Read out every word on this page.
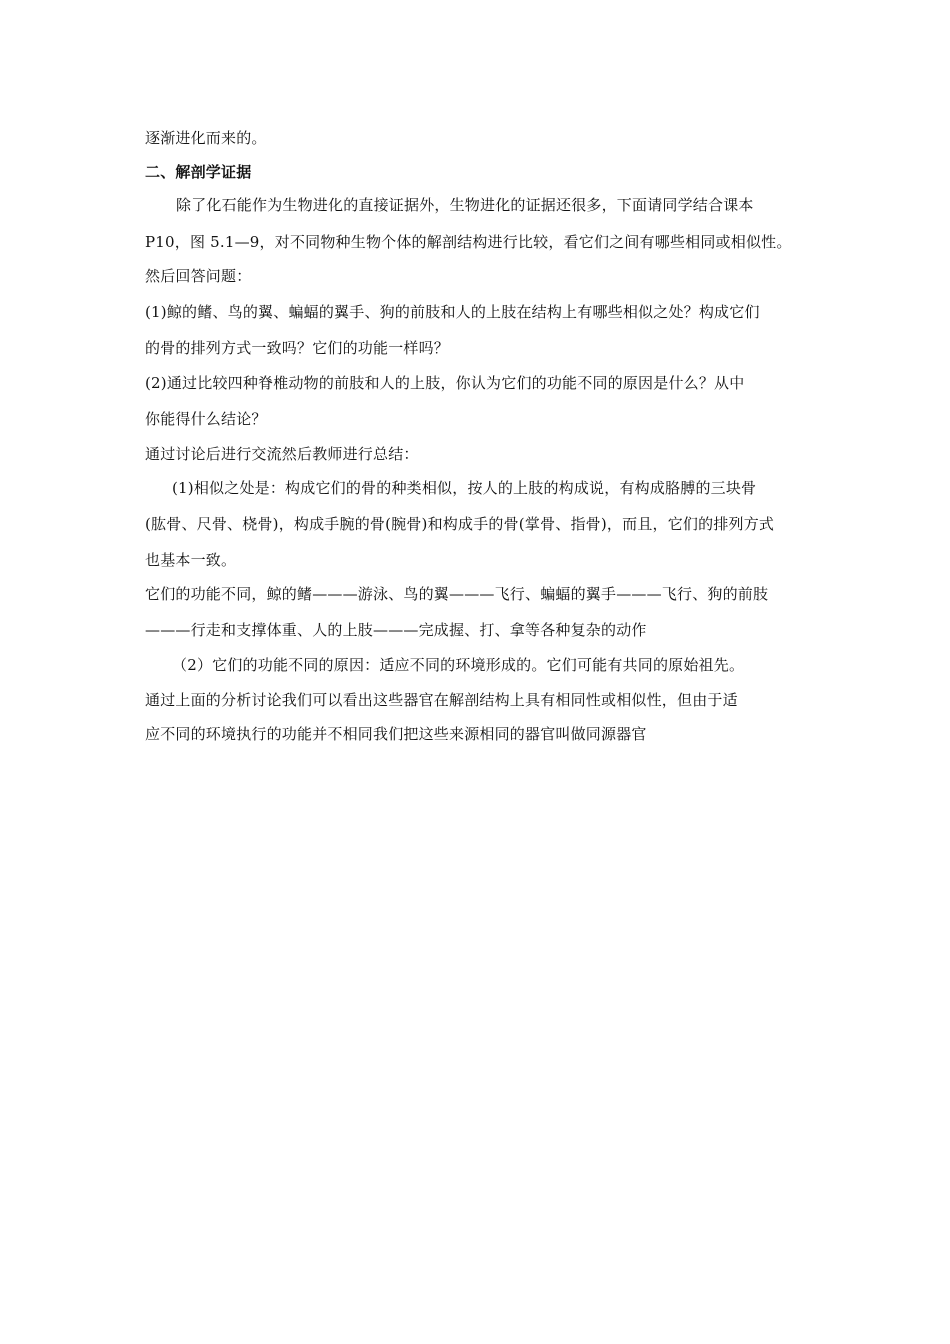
逐渐进化而来的。
二、解剖学证据
除了化石能作为生物进化的直接证据外，生物进化的证据还很多，下面请同学结合课本
P10，图 5.1—9，对不同物种生物个体的解剖结构进行比较，看它们之间有哪些相同或相似性。
然后回答问题：
(1)鲸的鳍、鸟的翼、蝙蝠的翼手、狗的前肢和人的上肢在结构上有哪些相似之处？构成它们
的骨的排列方式一致吗？它们的功能一样吗？
(2)通过比较四种脊椎动物的前肢和人的上肢，你认为它们的功能不同的原因是什么？从中
你能得什么结论？
通过讨论后进行交流然后教师进行总结：
(1)相似之处是：构成它们的骨的种类相似，按人的上肢的构成说，有构成胳膊的三块骨
(肱骨、尺骨、桡骨)，构成手腕的骨(腕骨)和构成手的骨(掌骨、指骨)，而且，它们的排列方式
也基本一致。
它们的功能不同，鲸的鳍———游泳、鸟的翼———飞行、蝙蝠的翼手———飞行、狗的前肢
———行走和支撑体重、人的上肢———完成握、打、拿等各种复杂的动作
（2）它们的功能不同的原因：适应不同的环境形成的。它们可能有共同的原始祖先。
通过上面的分析讨论我们可以看出这些器官在解剖结构上具有相同性或相似性，但由于适
应不同的环境执行的功能并不相同我们把这些来源相同的器官叫做同源器官
